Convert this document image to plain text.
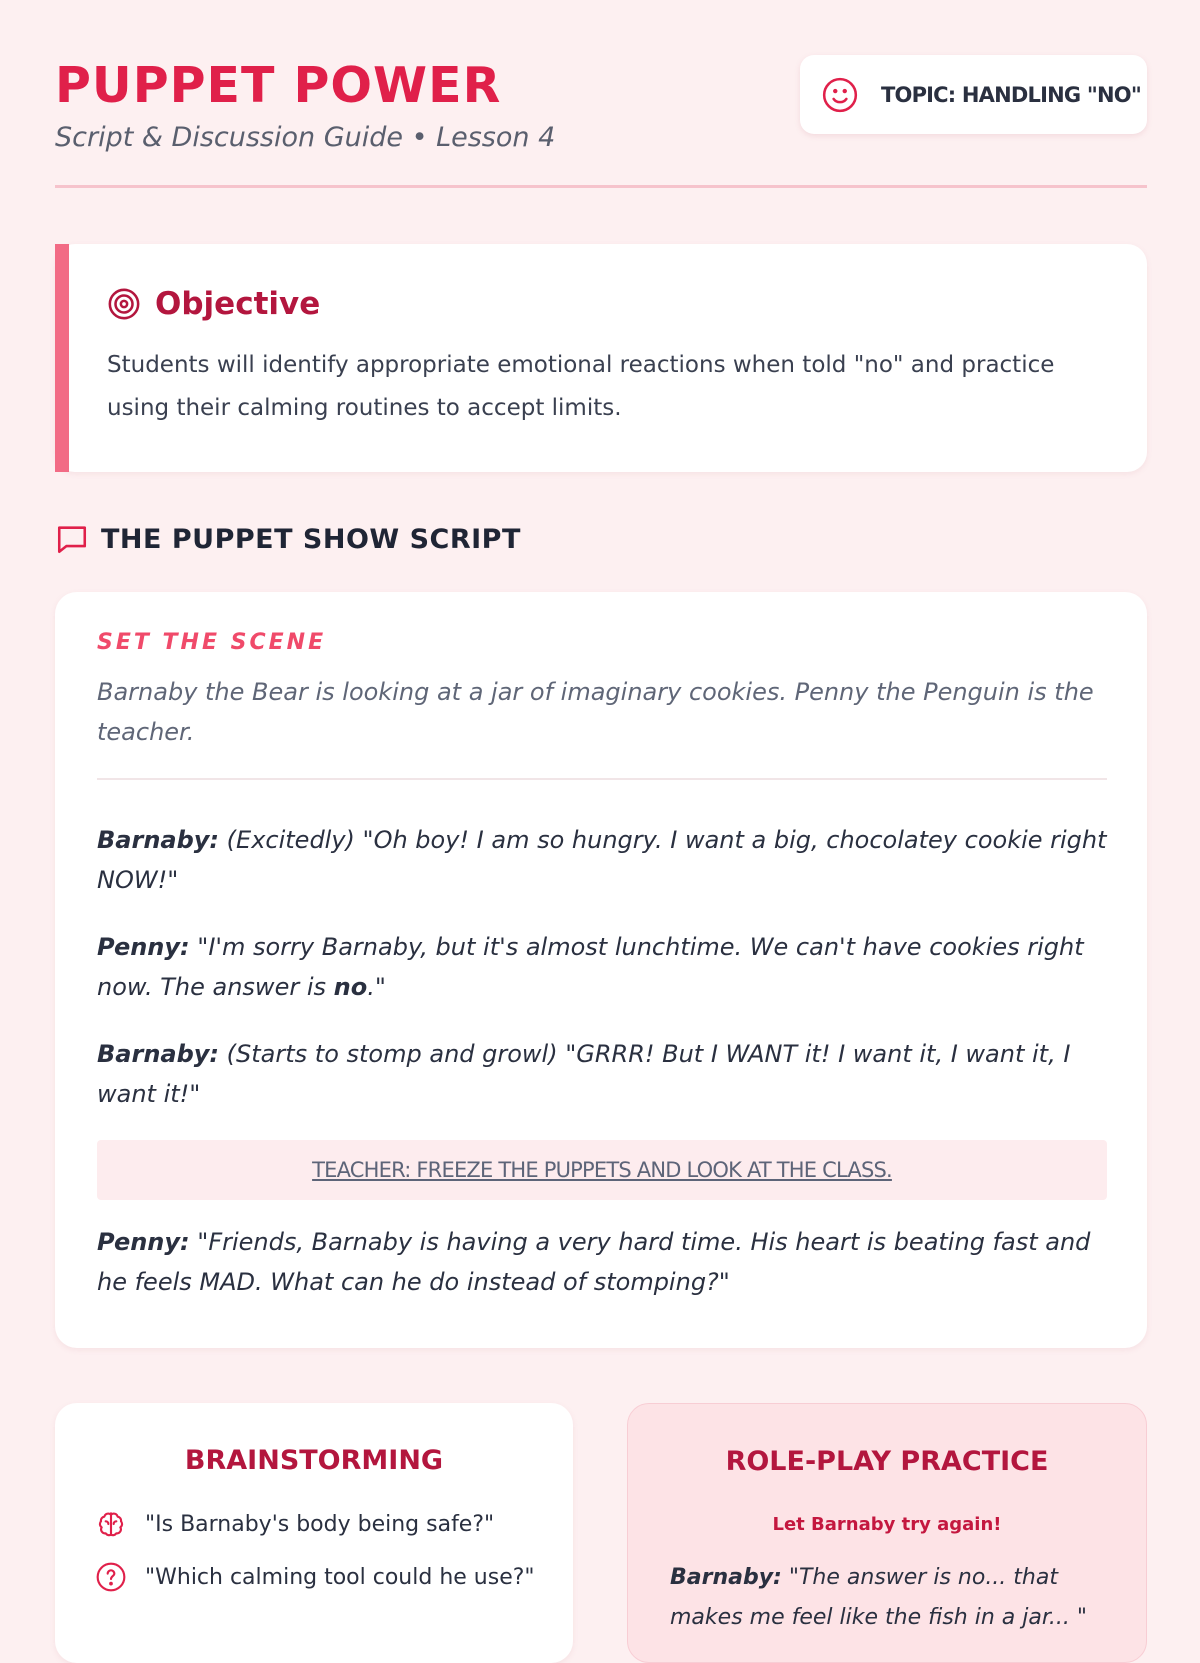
PUPPET POWER
Script & Discussion Guide • Lesson 4
TOPIC: HANDLING "NO"
Objective
Students will identify appropriate emotional reactions when told "no" and practice using their calming routines to accept limits.
THE PUPPET SHOW SCRIPT
SET THE SCENE
Barnaby the Bear is looking at a jar of imaginary cookies. Penny the Penguin is the teacher.

Barnaby: (Excitedly) "Oh boy! I am so hungry. I want a big, chocolatey cookie right NOW!"

Penny: "I'm sorry Barnaby, but it's almost lunchtime. We can't have cookies right now. The answer is no."

Barnaby: (Starts to stomp and growl) "GRRR! But I WANT it! I want it, I want it, I want it!"

TEACHER: FREEZE THE PUPPETS AND LOOK AT THE CLASS.

Penny: "Friends, Barnaby is having a very hard time. His heart is beating fast and he feels MAD. What can he do instead of stomping?"

BRAINSTORMING
"Is Barnaby's body being safe?"
"Which calming tool could he use?"
ROLE-PLAY PRACTICE
Let Barnaby try again!

Barnaby: "The answer is no... that makes me feel like the fish in a jar... "
